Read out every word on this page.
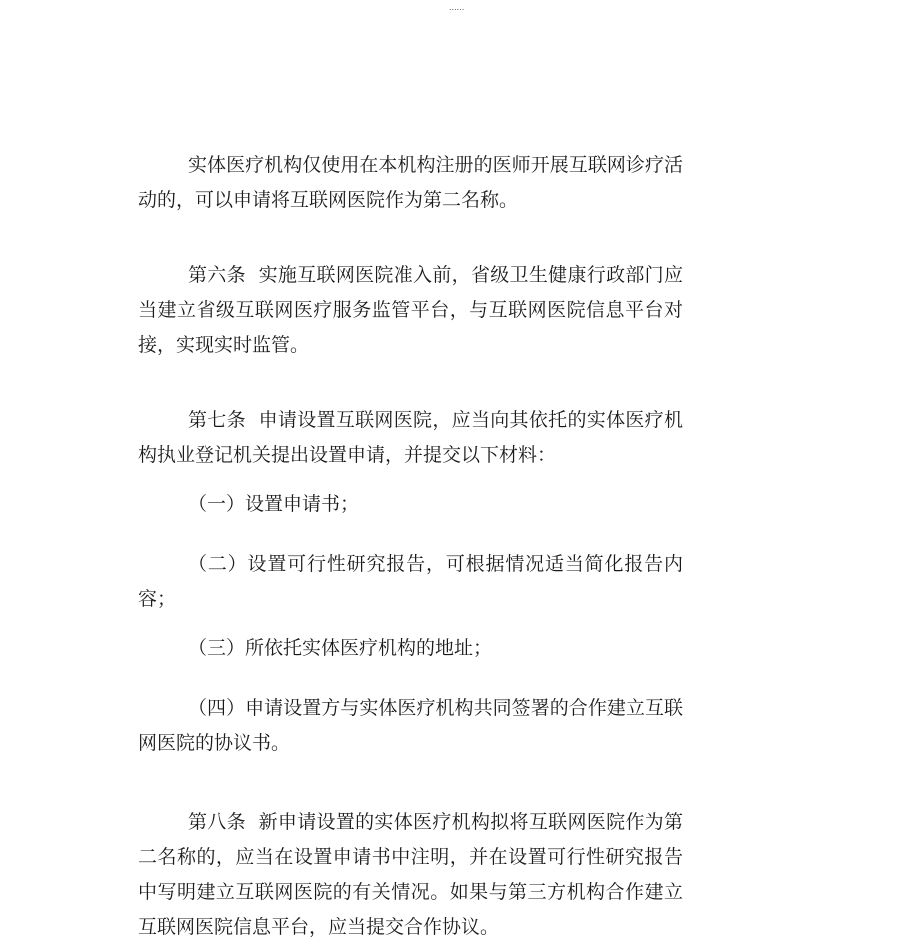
......

实体医疗机构仅使用在本机构注册的医师开展互联网诊疗活动的，可以申请将互联网医院作为第二名称。

第六条  实施互联网医院准入前，省级卫生健康行政部门应当建立省级互联网医疗服务监管平台，与互联网医院信息平台对接，实现实时监管。

第七条  申请设置互联网医院，应当向其依托的实体医疗机构执业登记机关提出设置申请，并提交以下材料：

（一）设置申请书；

（二）设置可行性研究报告，可根据情况适当简化报告内容；

（三）所依托实体医疗机构的地址；

（四）申请设置方与实体医疗机构共同签署的合作建立互联网医院的协议书。

第八条  新申请设置的实体医疗机构拟将互联网医院作为第二名称的，应当在设置申请书中注明，并在设置可行性研究报告中写明建立互联网医院的有关情况。如果与第三方机构合作建立互联网医院信息平台，应当提交合作协议。
